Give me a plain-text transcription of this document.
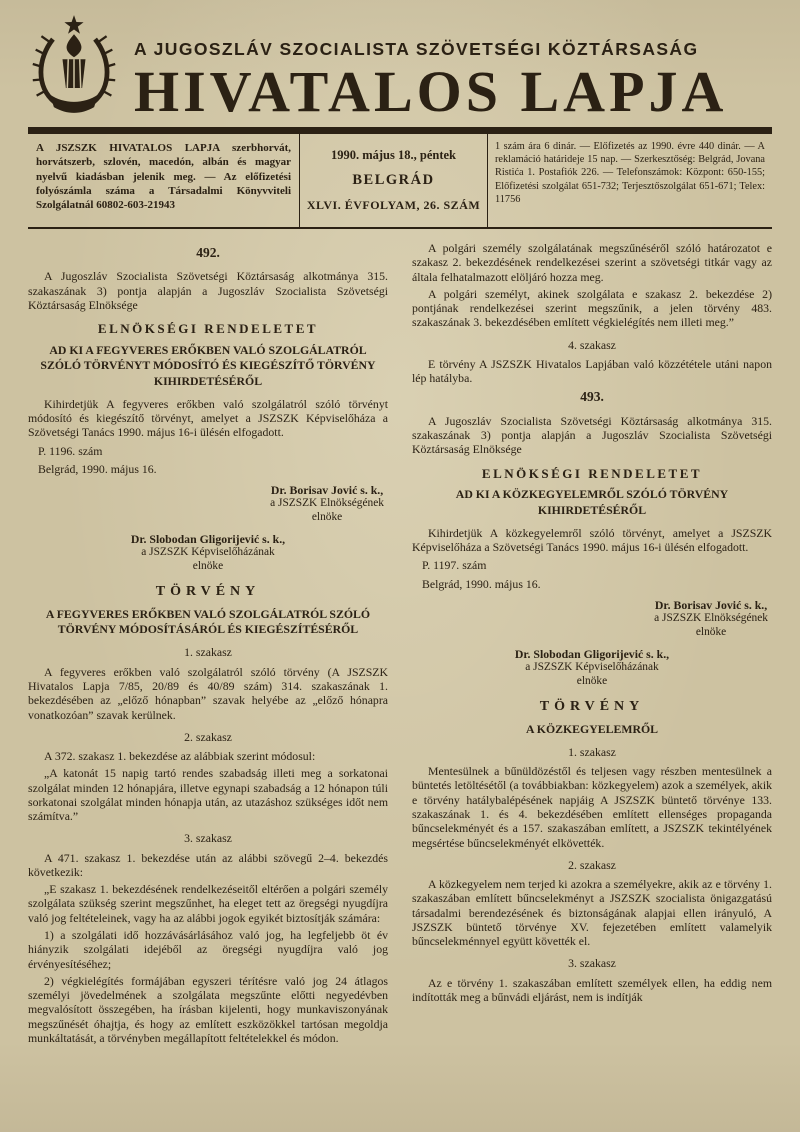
A JUGOSZLÁV SZOCIALISTA SZÖVETSÉGI KÖZTÁRSASÁG
HIVATALOS LAPJA
A JSZSZK HIVATALOS LAPJA szerbhorvát, horvátszerb, szlovén, macedón, albán és magyar nyelvű kiadásban jelenik meg. — Az előfizetési folyószámla száma a Társadalmi Könyvviteli Szolgálatnál 60802-603-21943
1990. május 18., péntek
BELGRÁD
XLVI. ÉVFOLYAM, 26. SZÁM
1 szám ára 6 dinár. — Előfizetés az 1990. évre 440 dinár. — A reklamáció határideje 15 nap. — Szerkesztőség: Belgrád, Jovana Ristića 1. Postafiók 226. — Telefonszámok: Központ: 650-155; Előfizetési szolgálat 651-732; Terjesztőszolgálat 651-671; Telex: 11756
492.
A Jugoszláv Szocialista Szövetségi Köztársaság alkotmánya 315. szakaszának 3) pontja alapján a Jugoszláv Szocialista Szövetségi Köztársaság Elnöksége
ELNÖKSÉGI RENDELETET
AD KI A FEGYVERES ERŐKBEN VALÓ SZOLGÁLATRÓL SZÓLÓ TÖRVÉNYT MÓDOSÍTÓ ÉS KIEGÉSZÍTŐ TÖRVÉNY KIHIRDETÉSÉRŐL
Kihirdetjük A fegyveres erőkben való szolgálatról szóló törvényt módosító és kiegészítő törvényt, amelyet a JSZSZK Képviselőháza a Szövetségi Tanács 1990. május 16-i ülésén elfogadott.
P. 1196. szám
Belgrád, 1990. május 16.
Dr. Borisav Jović s. k.,
a JSZSZK Elnökségének
elnöke
Dr. Slobodan Gligorijević s. k.,
a JSZSZK Képviselőházának
elnöke
TÖRVÉNY
A FEGYVERES ERŐKBEN VALÓ SZOLGÁLATRÓL SZÓLÓ TÖRVÉNY MÓDOSÍTÁSÁRÓL ÉS KIEGÉSZÍTÉSÉRŐL
1. szakasz
A fegyveres erőkben való szolgálatról szóló törvény (A JSZSZK Hivatalos Lapja 7/85, 20/89 és 40/89 szám) 314. szakaszának 1. bekezdésében az „előző hónapban” szavak helyébe az „előző hónapra vonatkozóan” szavak kerülnek.
2. szakasz
A 372. szakasz 1. bekezdése az alábbiak szerint módosul:
„A katonát 15 napig tartó rendes szabadság illeti meg a sorkatonai szolgálat minden 12 hónapjára, illetve egynapi szabadság a 12 hónapon túli sorkatonai szolgálat minden hónapja után, az utazáshoz szükséges időt nem számítva.”
3. szakasz
A 471. szakasz 1. bekezdése után az alábbi szövegű 2–4. bekezdés következik:
„E szakasz 1. bekezdésének rendelkezéseitől eltérően a polgári személy szolgálata szükség szerint megszűnhet, ha eleget tett az öregségi nyugdíjra való jog feltételeinek, vagy ha az alábbi jogok egyikét biztosítják számára:
1) a szolgálati idő hozzávásárlásához való jog, ha legfeljebb öt év hiányzik szolgálati idejéből az öregségi nyugdíjra való jog érvényesítéséhez;
2) végkielégítés formájában egyszeri térítésre való jog 24 átlagos személyi jövedelmének a szolgálata megszűnte előtti negyedévben megvalósított összegében, ha írásban kijelenti, hogy munkaviszonyának megszűnését óhajtja, és hogy az említett eszközökkel tartósan megoldja munkáltatását, a törvényben megállapított feltételekkel és módon.
A polgári személy szolgálatának megszűnéséről szóló határozatot e szakasz 2. bekezdésének rendelkezései szerint a szövetségi titkár vagy az általa felhatalmazott elöljáró hozza meg.
A polgári személyt, akinek szolgálata e szakasz 2. bekezdése 2) pontjának rendelkezései szerint megszűnik, a jelen törvény 483. szakaszának 3. bekezdésében említett végkielégítés nem illeti meg.”
4. szakasz
E törvény A JSZSZK Hivatalos Lapjában való közzététele utáni napon lép hatályba.
493.
A Jugoszláv Szocialista Szövetségi Köztársaság alkotmánya 315. szakaszának 3) pontja alapján a Jugoszláv Szocialista Szövetségi Köztársaság Elnöksége
ELNÖKSÉGI RENDELETET
AD KI A KÖZKEGYELEMRŐL SZÓLÓ TÖRVÉNY KIHIRDETÉSÉRŐL
Kihirdetjük A közkegyelemről szóló törvényt, amelyet a JSZSZK Képviselőháza a Szövetségi Tanács 1990. május 16-i ülésén elfogadott.
P. 1197. szám
Belgrád, 1990. május 16.
Dr. Borisav Jović s. k.,
a JSZSZK Elnökségének
elnöke
Dr. Slobodan Gligorijević s. k.,
a JSZSZK Képviselőházának
elnöke
TÖRVÉNY
A KÖZKEGYELEMRŐL
1. szakasz
Mentesülnek a bűnüldözéstől és teljesen vagy részben mentesülnek a büntetés letöltésétől (a továbbiakban: közkegyelem) azok a személyek, akik e törvény hatálybalépésének napjáig A JSZSZK büntető törvénye 133. szakaszának 1. és 4. bekezdésében említett ellenséges propaganda bűncselekményét és a 157. szakaszában említett, a JSZSZK tekintélyének megsértése bűncselekményét elkövették.
2. szakasz
A közkegyelem nem terjed ki azokra a személyekre, akik az e törvény 1. szakaszában említett bűncselekményt a JSZSZK szocialista önigazgatású társadalmi berendezésének és biztonságának alapjai ellen irányuló, A JSZSZK büntető törvénye XV. fejezetében említett valamelyik bűncselekménnyel együtt követték el.
3. szakasz
Az e törvény 1. szakaszában említett személyek ellen, ha eddig nem indították meg a bűnvádi eljárást, nem is indítják
